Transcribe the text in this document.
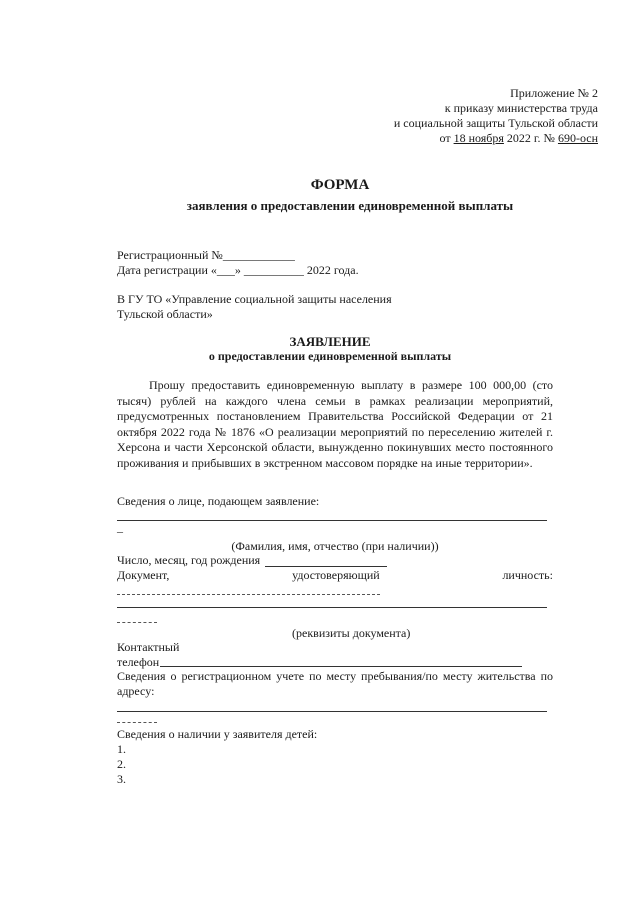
Приложение № 2
к приказу министерства труда
и социальной защиты Тульской области
от 18 ноября 2022 г. № 690-осн
ФОРМА
заявления о предоставлении единовременной выплаты
Регистрационный №____________
Дата регистрации «___» __________ 2022 года.
В ГУ ТО «Управление социальной защиты населения
Тульской области»
ЗАЯВЛЕНИЕ
о предоставлении единовременной выплаты
Прошу предоставить единовременную выплату в размере 100 000,00 (сто тысяч) рублей на каждого члена семьи в рамках реализации мероприятий, предусмотренных постановлением Правительства Российской Федерации от 21 октября 2022 года № 1876 «О реализации мероприятий по переселению жителей г. Херсона и части Херсонской области, вынужденно покинувших место постоянного проживания и прибывших в экстренном массовом порядке на иные территории».
Сведения о лице, подающем заявление:
–
(Фамилия, имя, отчество (при наличии))
Число, месяц, год рождения
Документ,	удостоверяющий	личность:
(реквизиты документа)
Контактный
телефон
Сведения о регистрационном учете по месту пребывания/по месту жительства по адресу:
Сведения о наличии у заявителя детей:
1.
2.
3.
